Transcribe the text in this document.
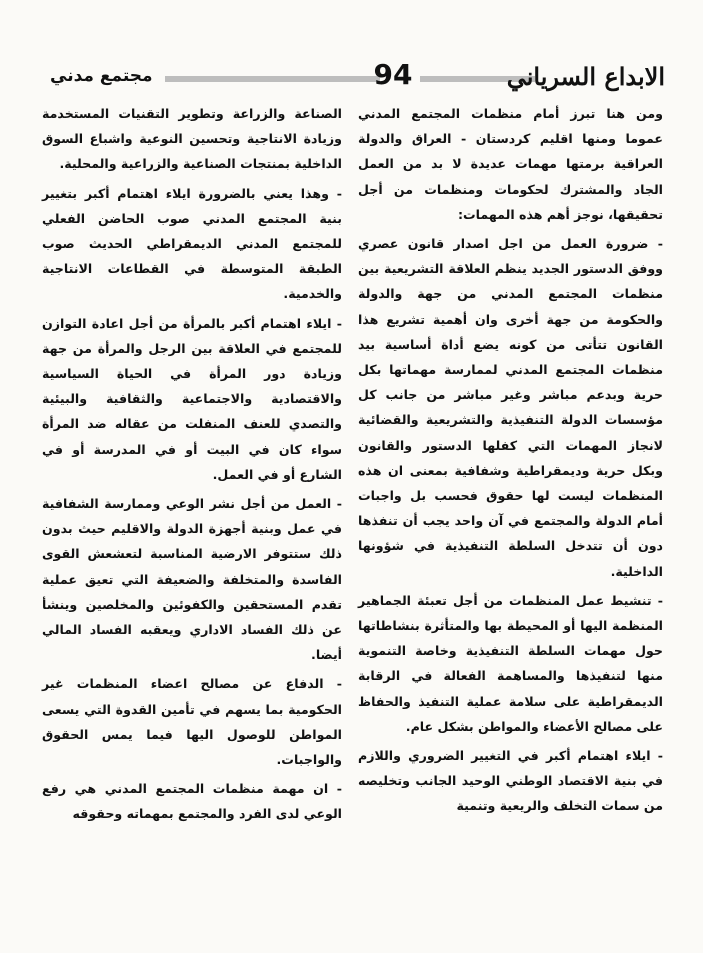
الابداع السرياني
94
مجتمع مدني

ومن هنا تبرز أمام منظمات المجتمع المدني عموما ومنها اقليم كردستان - العراق والدولة العراقية برمتها مهمات عديدة لا بد من العمل الجاد والمشترك لحكومات ومنظمات من أجل تحقيقها، نوجز أهم هذه المهمات:

- ضرورة العمل من اجل اصدار قانون عصري ووفق الدستور الجديد ينظم العلاقة التشريعية بين منظمات المجتمع المدني من جهة والدولة والحكومة من جهة أخرى وان أهمية تشريع هذا القانون تتأتى من كونه يضع أداة أساسية بيد منظمات المجتمع المدني لممارسة مهماتها بكل حرية وبدعم مباشر وغير مباشر من جانب كل مؤسسات الدولة التنفيذية والتشريعية والقضائية لانجاز المهمات التي كفلها الدستور والقانون وبكل حرية وديمقراطية وشفافية بمعنى ان هذه المنظمات ليست لها حقوق فحسب بل واجبات أمام الدولة والمجتمع في آن واحد يجب أن تنفذها دون أن تتدخل السلطة التنفيذية في شؤونها الداخلية.

- تنشيط عمل المنظمات من أجل تعبئة الجماهير المنظمة اليها أو المحيطة بها والمتأثرة بنشاطاتها حول مهمات السلطة التنفيذية وخاصة التنموية منها لتنفيذها والمساهمة الفعالة في الرقابة الديمقراطية على سلامة عملية التنفيذ والحفاظ على مصالح الأعضاء والمواطن بشكل عام.

- ايلاء اهتمام أكبر في التغيير الضروري واللازم في بنية الاقتصاد الوطني الوحيد الجانب وتخليصه من سمات التخلف والريعية وتنمية

الصناعة والزراعة وتطوير التقنيات المستخدمة وزيادة الانتاجية وتحسين النوعية واشباع السوق الداخلية بمنتجات الصناعية والزراعية والمحلية.

- وهذا يعني بالضرورة ايلاء اهتمام أكبر بتغيير بنية المجتمع المدني صوب الحاضن الفعلي للمجتمع المدني الديمقراطي الحديث صوب الطبقة المتوسطة في القطاعات الانتاجية والخدمية.

- ايلاء اهتمام أكبر بالمرأة من أجل اعادة التوازن للمجتمع في العلاقة بين الرجل والمرأة من جهة وزيادة دور المرأة في الحياة السياسية والاقتصادية والاجتماعية والثقافية والبيئية والتصدي للعنف المنفلت من عقاله ضد المرأة سواء كان في البيت أو في المدرسة أو في الشارع أو في العمل.

- العمل من أجل نشر الوعي وممارسة الشفافية في عمل وبنية أجهزة الدولة والاقليم حيث بدون ذلك ستتوفر الارضية المناسبة لتعشعش القوى الفاسدة والمتخلفة والضعيفة التي تعيق عملية تقدم المستحقين والكفوئين والمخلصين وينشأ عن ذلك الفساد الاداري ويعقبه الفساد المالي أيضا.

- الدفاع عن مصالح اعضاء المنظمات غير الحكومية بما يسهم في تأمين القدوة التي يسعى المواطن للوصول اليها فيما يمس الحقوق والواجبات.

- ان مهمة منظمات المجتمع المدني هي رفع الوعي لدى الفرد والمجتمع بمهماته وحقوقه
